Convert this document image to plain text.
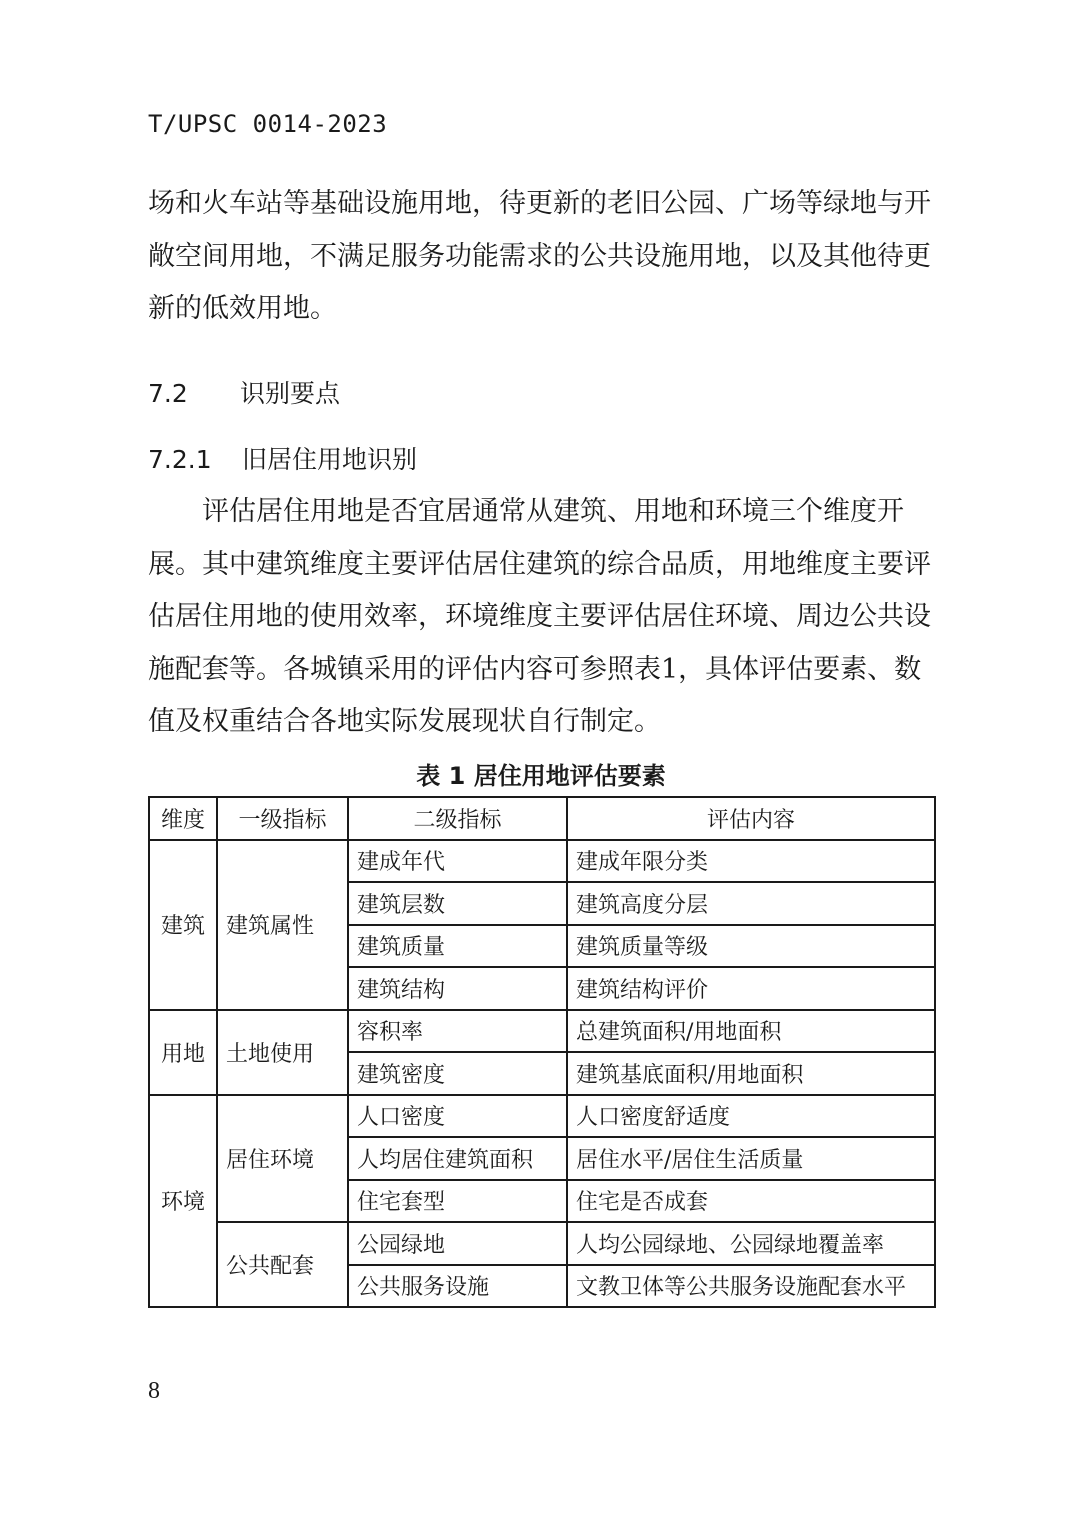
T/UPSC 0014-2023

场和火车站等基础设施用地，待更新的老旧公园、广场等绿地与开敞空间用地，不满足服务功能需求的公共设施用地，以及其他待更新的低效用地。

7.2 识别要点
7.2.1 旧居住用地识别

评估居住用地是否宜居通常从建筑、用地和环境三个维度开展。其中建筑维度主要评估居住建筑的综合品质，用地维度主要评估居住用地的使用效率，环境维度主要评估居住环境、周边公共设施配套等。各城镇采用的评估内容可参照表1，具体评估要素、数值及权重结合各地实际发展现状自行制定。

表 1 居住用地评估要素
维度	一级指标	二级指标	评估内容
建筑	建筑属性	建成年代	建成年限分类
		建筑层数	建筑高度分层
		建筑质量	建筑质量等级
		建筑结构	建筑结构评价
用地	土地使用	容积率	总建筑面积/用地面积
		建筑密度	建筑基底面积/用地面积
环境	居住环境	人口密度	人口密度舒适度
		人均居住建筑面积	居住水平/居住生活质量
		住宅套型	住宅是否成套
	公共配套	公园绿地	人均公园绿地、公园绿地覆盖率
		公共服务设施	文教卫体等公共服务设施配套水平
8
